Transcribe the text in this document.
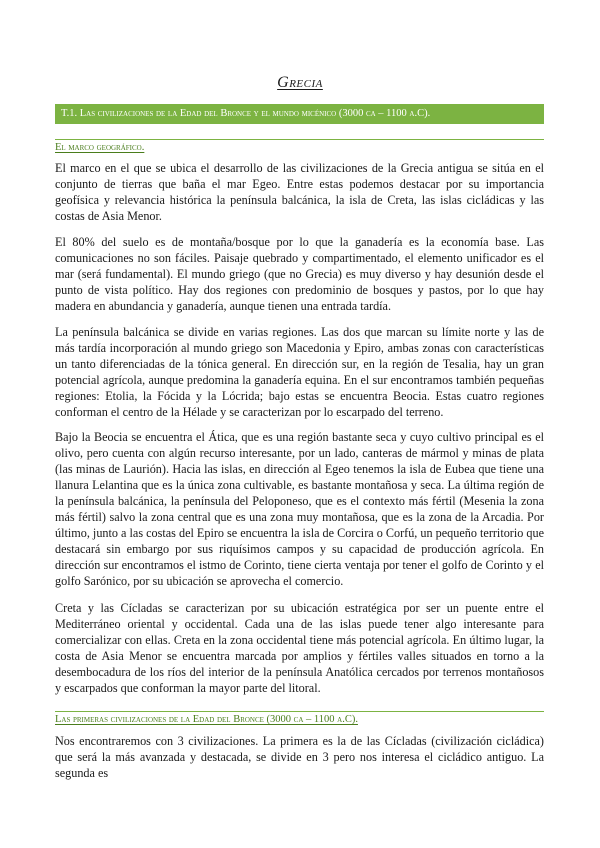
Grecia
T.1. Las civilizaciones de la Edad del Bronce y el mundo micénico (3000 ca – 1100 a.C).
El marco geográfico.

El marco en el que se ubica el desarrollo de las civilizaciones de la Grecia antigua se sitúa en el conjunto de tierras que baña el mar Egeo. Entre estas podemos destacar por su importancia geofísica y relevancia histórica la península balcánica, la isla de Creta, las islas cicládicas y las costas de Asia Menor.

El 80% del suelo es de montaña/bosque por lo que la ganadería es la economía base. Las comunicaciones no son fáciles. Paisaje quebrado y compartimentado, el elemento unificador es el mar (será fundamental). El mundo griego (que no Grecia) es muy diverso y hay desunión desde el punto de vista político. Hay dos regiones con predominio de bosques y pastos, por lo que hay madera en abundancia y ganadería, aunque tienen una entrada tardía.

La península balcánica se divide en varias regiones. Las dos que marcan su límite norte y las de más tardía incorporación al mundo griego son Macedonia y Epiro, ambas zonas con características un tanto diferenciadas de la tónica general. En dirección sur, en la región de Tesalia, hay un gran potencial agrícola, aunque predomina la ganadería equina. En el sur encontramos también pequeñas regiones: Etolia, la Fócida y la Lócrida; bajo estas se encuentra Beocia. Estas cuatro regiones conforman el centro de la Hélade y se caracterizan por lo escarpado del terreno.

Bajo la Beocia se encuentra el Ática, que es una región bastante seca y cuyo cultivo principal es el olivo, pero cuenta con algún recurso interesante, por un lado, canteras de mármol y minas de plata (las minas de Laurión). Hacia las islas, en dirección al Egeo tenemos la isla de Eubea que tiene una llanura Lelantina que es la única zona cultivable, es bastante montañosa y seca. La última región de la península balcánica, la península del Peloponeso, que es el contexto más fértil (Mesenia la zona más fértil) salvo la zona central que es una zona muy montañosa, que es la zona de la Arcadia. Por último, junto a las costas del Epiro se encuentra la isla de Corcira o Corfú, un pequeño territorio que destacará sin embargo por sus riquísimos campos y su capacidad de producción agrícola. En dirección sur encontramos el istmo de Corinto, tiene cierta ventaja por tener el golfo de Corinto y el golfo Sarónico, por su ubicación se aprovecha el comercio.

Creta y las Cícladas se caracterizan por su ubicación estratégica por ser un puente entre el Mediterráneo oriental y occidental. Cada una de las islas puede tener algo interesante para comercializar con ellas. Creta en la zona occidental tiene más potencial agrícola. En último lugar, la costa de Asia Menor se encuentra marcada por amplios y fértiles valles situados en torno a la desembocadura de los ríos del interior de la península Anatólica cercados por terrenos montañosos y escarpados que conforman la mayor parte del litoral.

Las primeras civilizaciones de la Edad del Bronce (3000 ca – 1100 a.C).

Nos encontraremos con 3 civilizaciones. La primera es la de las Cícladas (civilización cicládica) que será la más avanzada y destacada, se divide en 3 pero nos interesa el cicládico antiguo. La segunda es
